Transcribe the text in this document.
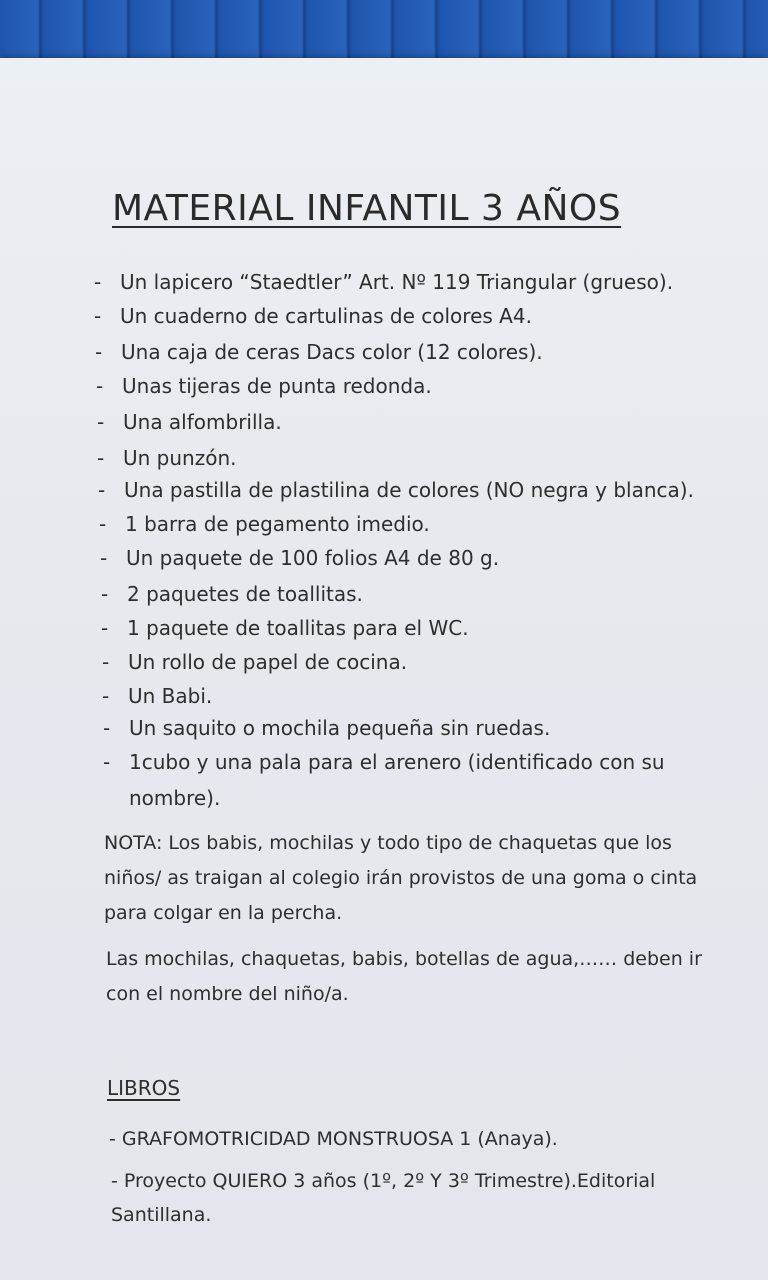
MATERIAL INFANTIL 3 AÑOS
- Un lapicero “Staedtler” Art. Nº 119 Triangular (grueso).
- Un cuaderno de cartulinas de colores A4.
- Una caja de ceras Dacs color (12 colores).
- Unas tijeras de punta redonda.
- Una alfombrilla.
- Un punzón.
- Una pastilla de plastilina de colores (NO negra y blanca).
- 1 barra de pegamento imedio.
- Un paquete de 100 folios A4 de 80 g.
- 2 paquetes de toallitas.
- 1 paquete de toallitas para el WC.
- Un rollo de papel de cocina.
- Un Babi.
- Un saquito o mochila pequeña sin ruedas.
- 1cubo y una pala para el arenero (identificado con su
nombre).
NOTA: Los babis, mochilas y todo tipo de chaquetas que los niños/ as traigan al colegio irán provistos de una goma o cinta para colgar en la percha.
Las mochilas, chaquetas, babis, botellas de agua,…… deben ir con el nombre del niño/a.
LIBROS
- GRAFOMOTRICIDAD MONSTRUOSA 1 (Anaya).
- Proyecto QUIERO 3 años (1º, 2º Y 3º Trimestre).Editorial Santillana.
